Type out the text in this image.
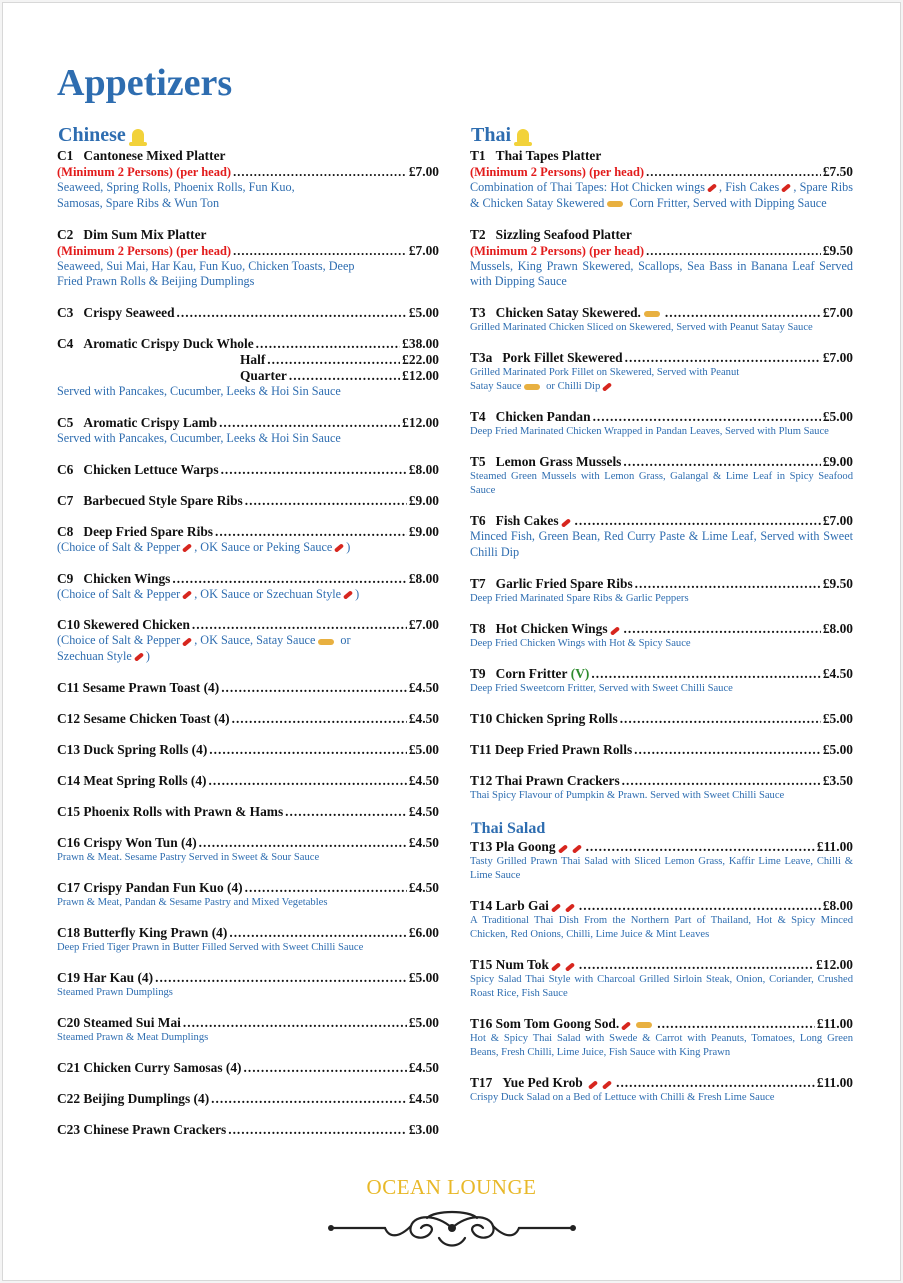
Appetizers
Chinese
C1   Cantonese Mixed Platter
(Minimum 2 Persons) (per head) .....	£7.00
Seaweed, Spring Rolls, Phoenix Rolls, Fun Kuo, Samosas, Spare Ribs & Wun Ton
C2   Dim Sum Mix Platter
(Minimum 2 Persons) (per head) .....	£7.00
Seaweed, Sui Mai, Har Kau, Fun Kuo, Chicken Toasts, Deep Fried Prawn Rolls & Beijing Dumplings
C3   Crispy Seaweed .....	£5.00
C4   Aromatic Crispy Duck Whole .....	£38.00
Half .....	£22.00
Quarter .....	£12.00
Served with Pancakes, Cucumber, Leeks & Hoi Sin Sauce
C5   Aromatic Crispy Lamb .....	£12.00
Served with Pancakes, Cucumber, Leeks & Hoi Sin Sauce
C6   Chicken Lettuce Warps .....	£8.00
C7   Barbecued Style Spare Ribs .....	£9.00
C8   Deep Fried Spare Ribs .....	£9.00
(Choice of Salt & Pepper , OK Sauce or Peking Sauce )
C9   Chicken Wings .....	£8.00
(Choice of Salt & Pepper , OK Sauce or Szechuan Style )
C10 Skewered Chicken .....	£7.00
(Choice of Salt & Pepper , OK Sauce, Satay Sauce or Szechuan Style )
C11 Sesame Prawn Toast (4) .....	£4.50
C12 Sesame Chicken Toast (4) .....	£4.50
C13 Duck Spring Rolls (4) .....	£5.00
C14 Meat Spring Rolls (4) .....	£4.50
C15 Phoenix Rolls with Prawn & Hams .....	£4.50
C16 Crispy Won Tun (4) .....	£4.50
Prawn & Meat. Sesame Pastry Served in Sweet & Sour Sauce
C17 Crispy Pandan Fun Kuo (4) .....	£4.50
Prawn & Meat, Pandan & Sesame Pastry and Mixed Vegetables
C18 Butterfly King Prawn (4) .....	£6.00
Deep Fried Tiger Prawn in Butter Filled Served with Sweet Chilli Sauce
C19 Har Kau (4) .....	£5.00
Steamed Prawn Dumplings
C20 Steamed Sui Mai .....	£5.00
Steamed Prawn & Meat Dumplings
C21 Chicken Curry Samosas (4) .....	£4.50
C22 Beijing Dumplings (4) .....	£4.50
C23 Chinese Prawn Crackers .....	£3.00
Thai
T1   Thai Tapes Platter
(Minimum 2 Persons) (per head) .....	£7.50
Combination of Thai Tapes: Hot Chicken wings , Fish Cakes , Spare Ribs & Chicken Satay Skewered Corn Fritter, Served with Dipping Sauce
T2   Sizzling Seafood Platter
(Minimum 2 Persons) (per head) .....	£9.50
Mussels, King Prawn Skewered, Scallops, Sea Bass in Banana Leaf Served with Dipping Sauce
T3   Chicken Satay Skewered. .....	£7.00
Grilled Marinated Chicken Sliced on Skewered, Served with Peanut Satay Sauce
T3a   Pork Fillet Skewered .....	£7.00
Grilled Marinated Pork Fillet on Skewered, Served with Peanut Satay Sauce or Chilli Dip
T4   Chicken Pandan .....	£5.00
Deep Fried Marinated Chicken Wrapped in Pandan Leaves, Served with Plum Sauce
T5   Lemon Grass Mussels .....	£9.00
Steamed Green Mussels with Lemon Grass, Galangal & Lime Leaf in Spicy Seafood Sauce
T6   Fish Cakes .....	£7.00
Minced Fish, Green Bean, Red Curry Paste & Lime Leaf, Served with Sweet Chilli Dip
T7   Garlic Fried Spare Ribs .....	£9.50
Deep Fried Marinated Spare Ribs & Garlic Peppers
T8   Hot Chicken Wings .....	£8.00
Deep Fried Chicken Wings with Hot & Spicy Sauce
T9   Corn Fritter
(V) .....	£4.50
Deep Fried Sweetcorn Fritter, Served with Sweet Chilli Sauce
T10 Chicken Spring Rolls .....	£5.00
T11 Deep Fried Prawn Rolls .....	£5.00
T12 Thai Prawn Crackers .....	£3.50
Thai Spicy Flavour of Pumpkin & Prawn. Served with Sweet Chilli Sauce
Thai Salad
T13 Pla Goong .....	£11.00
Tasty Grilled Prawn Thai Salad with Sliced Lemon Grass, Kaffir Lime Leave, Chilli & Lime Sauce
T14 Larb Gai .....	£8.00
A Traditional Thai Dish From the Northern Part of Thailand, Hot & Spicy Minced Chicken, Red Onions, Chilli, Lime Juice & Mint Leaves
T15 Num Tok .....	£12.00
Spicy Salad Thai Style with Charcoal Grilled Sirloin Steak, Onion, Coriander, Crushed Roast Rice, Fish Sauce
T16 Som Tom Goong Sod. .....	£11.00
Hot & Spicy Thai Salad with Swede & Carrot with Peanuts, Tomatoes, Long Green Beans, Fresh Chilli, Lime Juice, Fish Sauce with King Prawn
T17   Yue Ped Krob
.....	£11.00
Crispy Duck Salad on a Bed of Lettuce with Chilli & Fresh Lime Sauce
OCEAN LOUNGE
